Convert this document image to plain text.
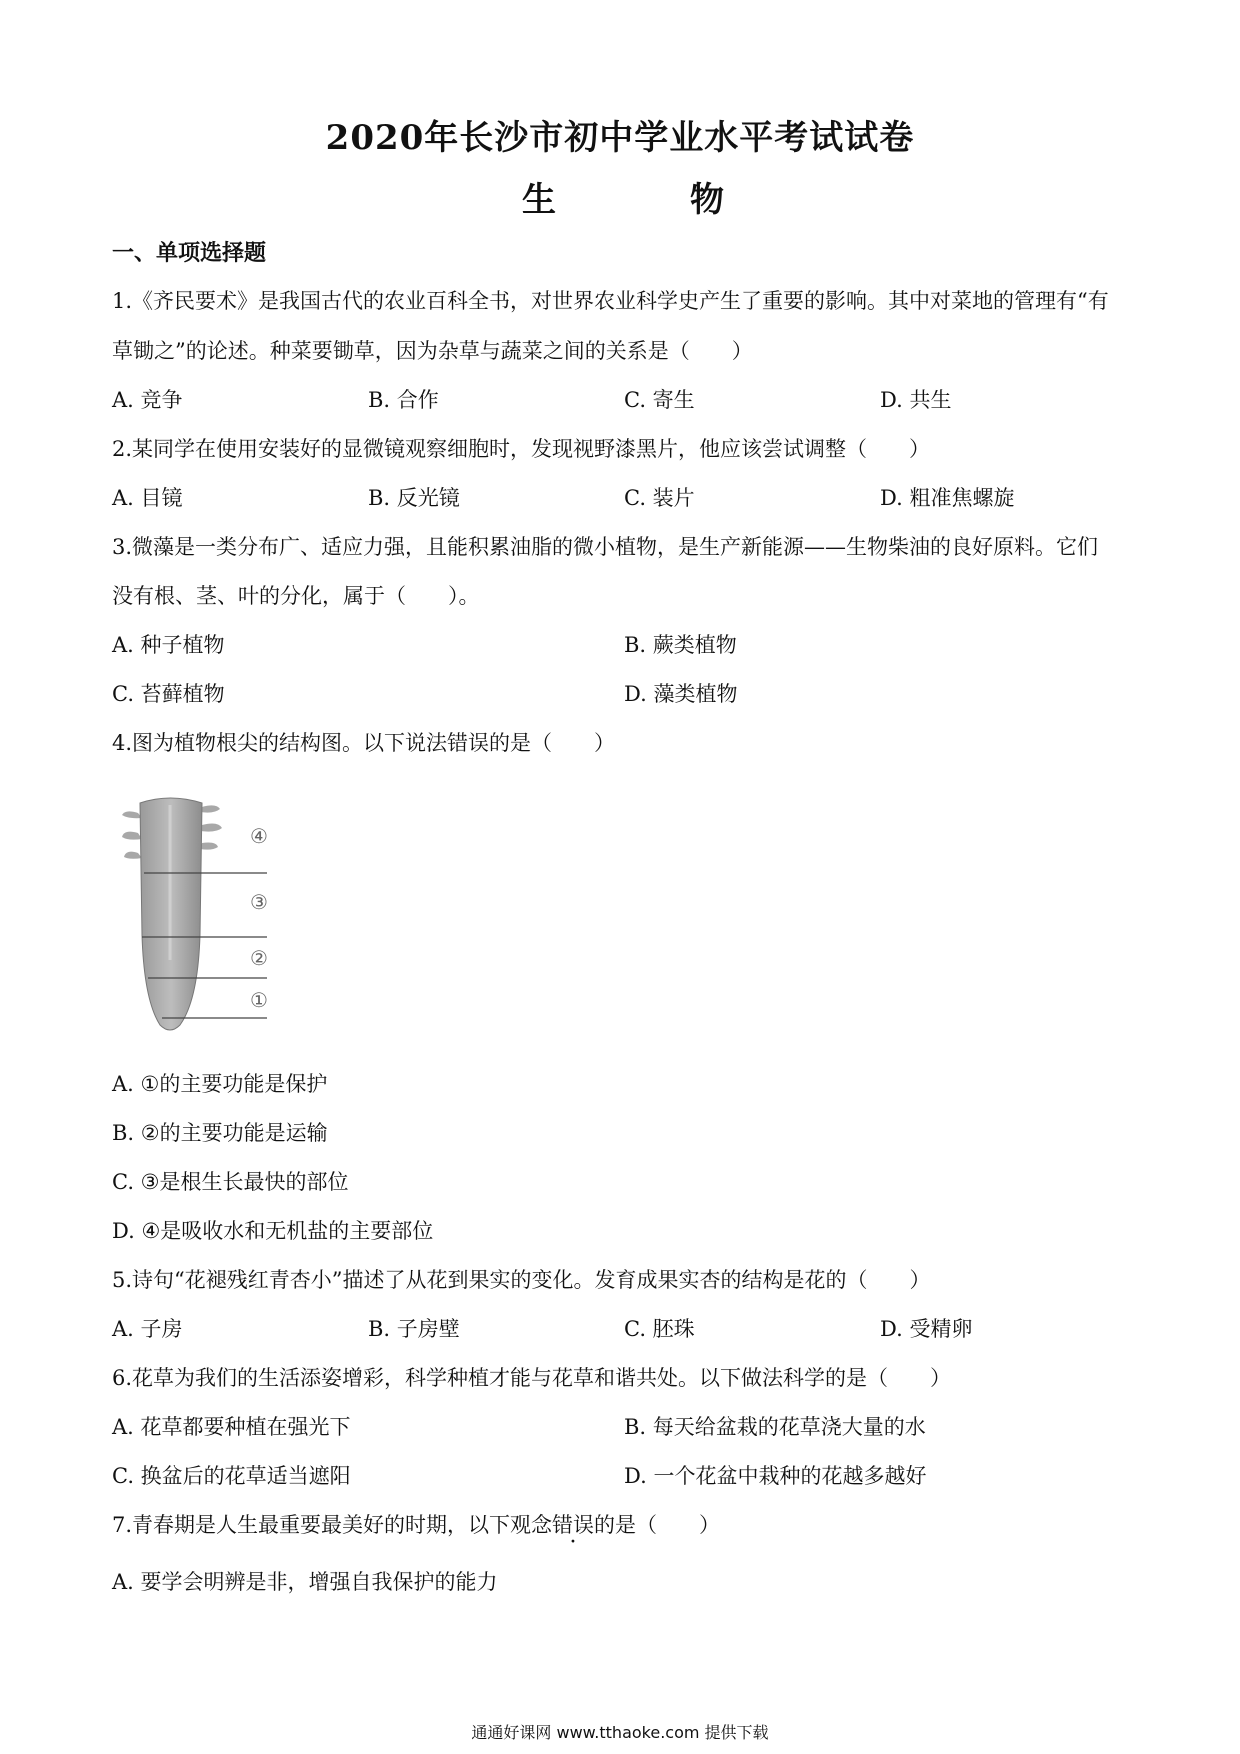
2020年长沙市初中学业水平考试试卷
生	物
一、单项选择题
1.《齐民要术》是我国古代的农业百科全书，对世界农业科学史产生了重要的影响。其中对菜地的管理有“有
草锄之”的论述。种菜要锄草，因为杂草与蔬菜之间的关系是（　　）
A. 竞争	B. 合作	C. 寄生	D. 共生
2.某同学在使用安装好的显微镜观察细胞时，发现视野漆黑片，他应该尝试调整（　　）
A. 目镜	B. 反光镜	C. 装片	D. 粗准焦螺旋
3.微藻是一类分布广、适应力强，且能积累油脂的微小植物，是生产新能源——生物柴油的良好原料。它们
没有根、茎、叶的分化，属于（　　）。
A. 种子植物	B. 蕨类植物
C. 苔藓植物	D. 藻类植物
4.图为植物根尖的结构图。以下说法错误的是（　　）
④
③
②
①
A. ①的主要功能是保护
B. ②的主要功能是运输
C. ③是根生长最快的部位
D. ④是吸收水和无机盐的主要部位
5.诗句“花褪残红青杏小”描述了从花到果实的变化。发育成果实杏的结构是花的（　　）
A. 子房	B. 子房壁	C. 胚珠	D. 受精卵
6.花草为我们的生活添姿增彩，科学种植才能与花草和谐共处。以下做法科学的是（　　）
A. 花草都要种植在强光下	B. 每天给盆栽的花草浇大量的水
C. 换盆后的花草适当遮阳	D. 一个花盆中栽种的花越多越好
7.青春期是人生最重要最美好的时期，以下观念错误的是（　　）
A. 要学会明辨是非，增强自我保护的能力
通通好课网 www.tthaoke.com 提供下载
